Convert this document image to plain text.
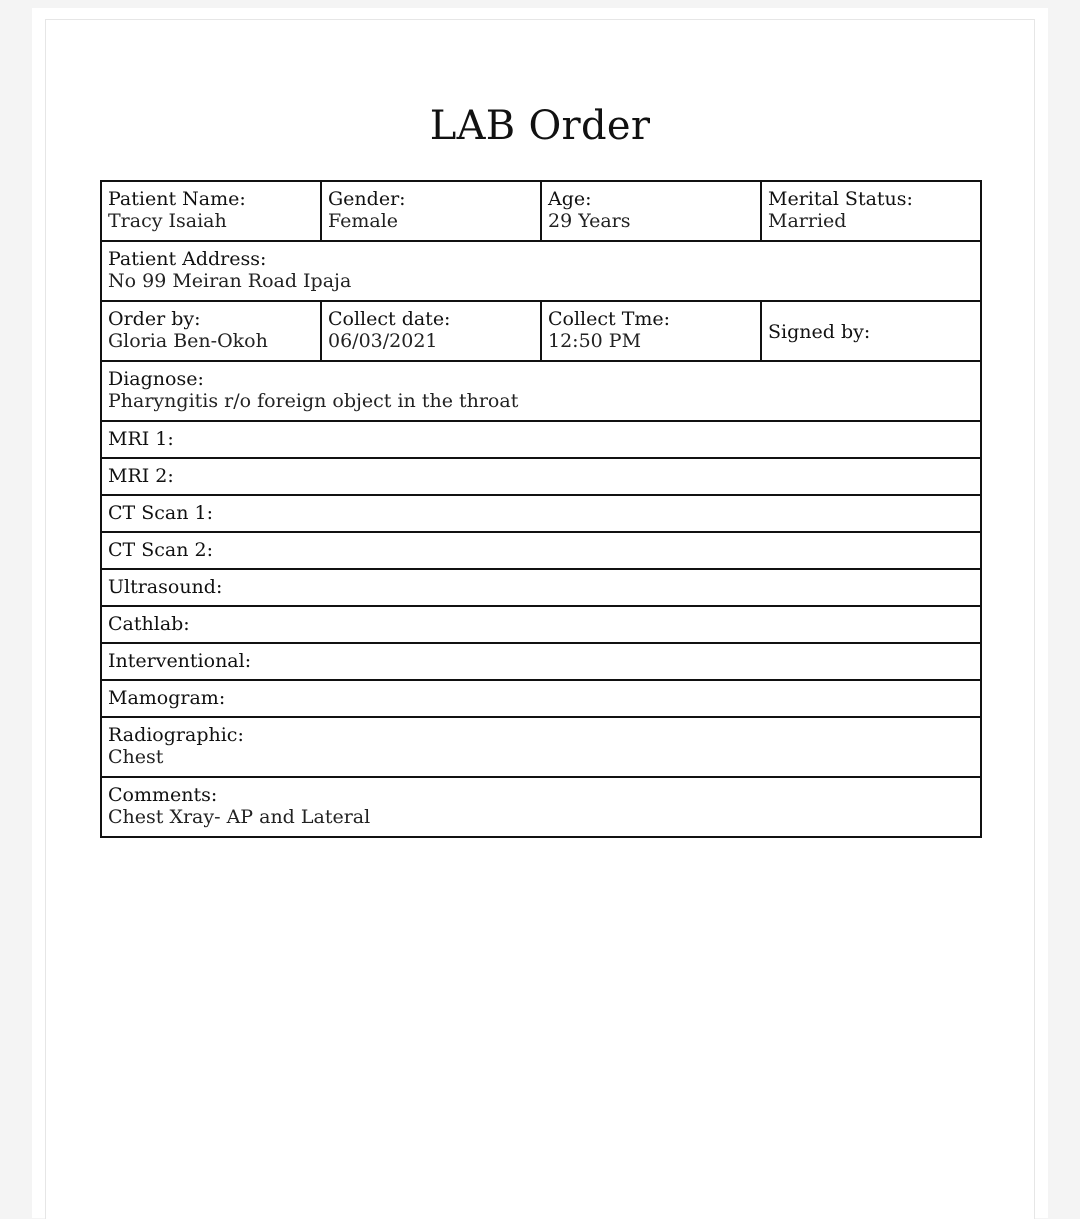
LAB Order
Patient Name:
Tracy Isaiah	Gender:
Female	Age:
29 Years	Merital Status:
Married

Patient Address:
No 99 Meiran Road Ipaja			

Order by:
Gloria Ben-Okoh	Collect date:
06/03/2021	Collect Tme:
12:50 PM	Signed by:

Diagnose:
Pharyngitis r/o foreign object in the throat			

MRI 1:			

MRI 2:			

CT Scan 1:			

CT Scan 2:			

Ultrasound:			

Cathlab:			

Interventional:			

Mamogram:			

Radiographic:
Chest			

Comments:
Chest Xray- AP and Lateral			
